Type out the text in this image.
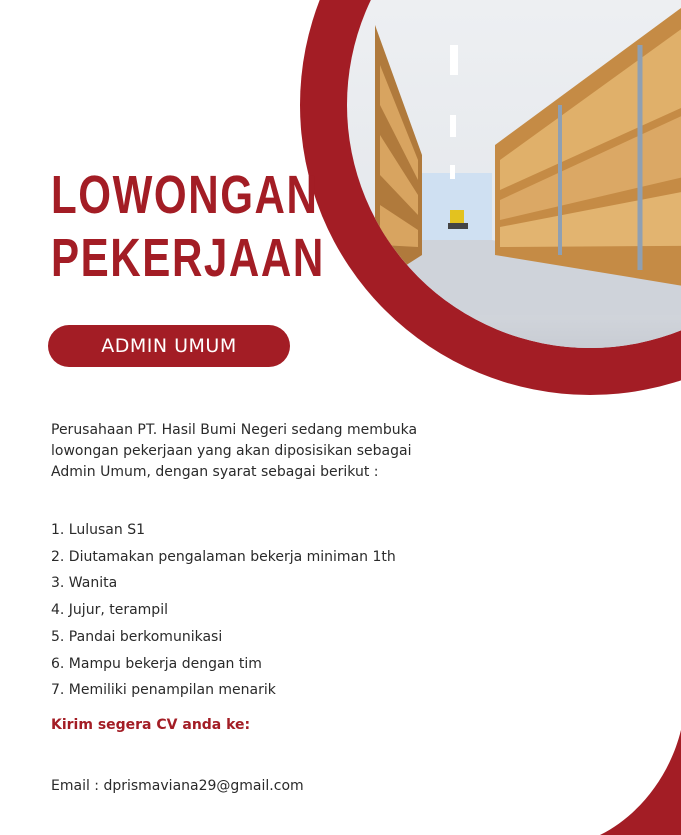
LOWONGAN
PEKERJAAN
ADMIN UMUM

Perusahaan PT. Hasil Bumi Negeri sedang membuka
lowongan pekerjaan yang akan diposisikan sebagai
Admin Umum, dengan syarat sebagai berikut :

1. Lulusan S1
2. Diutamakan pengalaman bekerja miniman 1th
3. Wanita
4. Jujur, terampil
5. Pandai berkomunikasi
6. Mampu bekerja dengan tim
7. Memiliki penampilan menarik
Kirim segera CV anda ke:
Email : dprismaviana29@gmail.com
